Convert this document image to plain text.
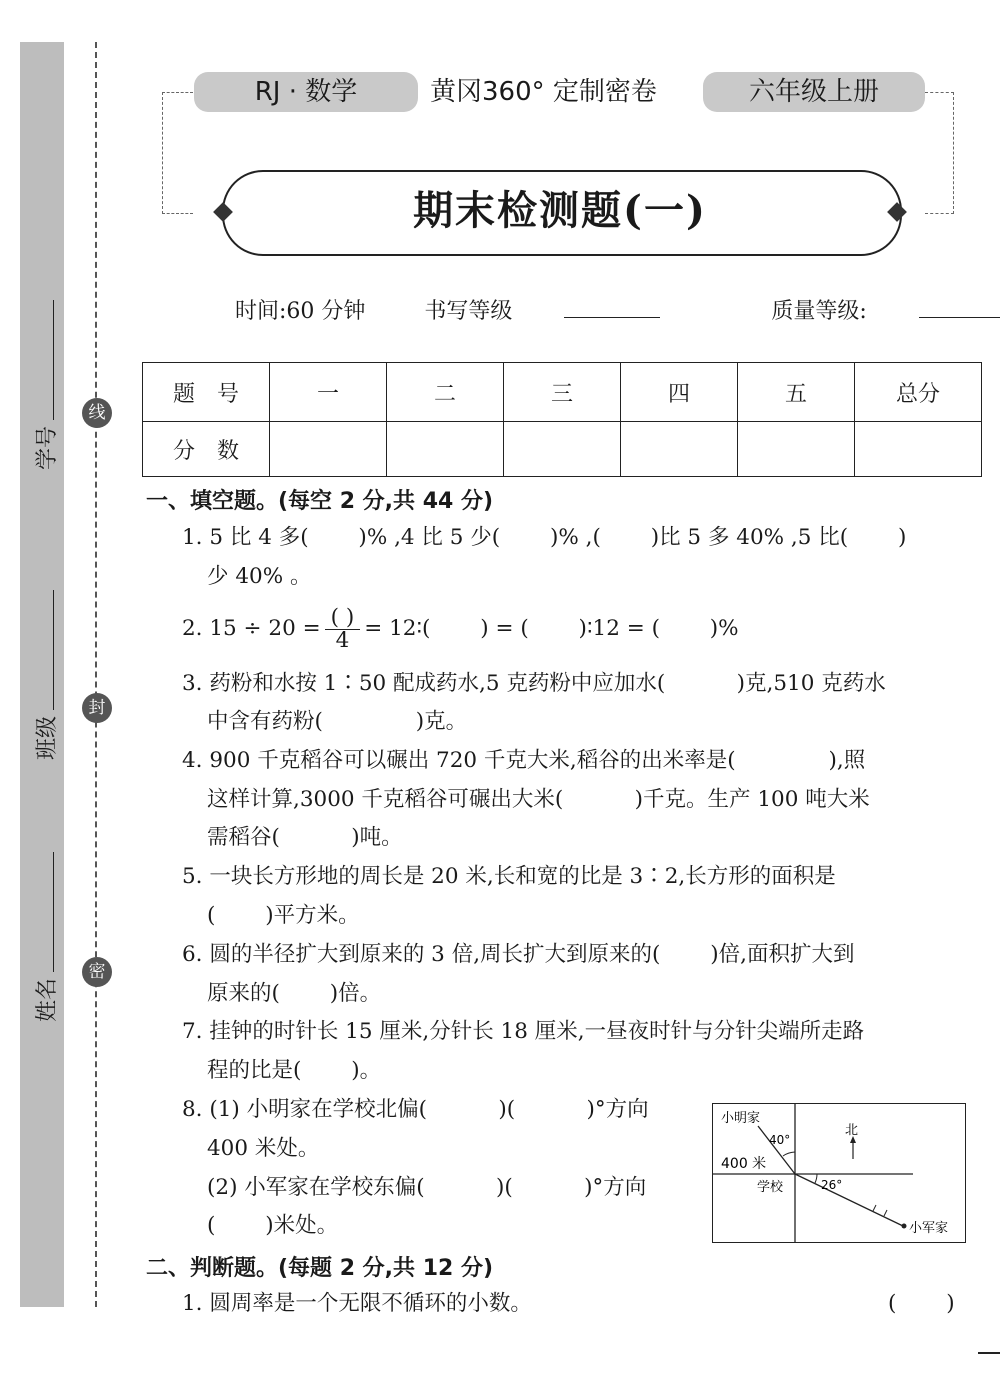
线
封
密
学号
班级
姓名
RJ · 数学	黄冈360° 定制密卷	六年级上册
期末检测题(一)
时间:60 分钟	书写等级	质量等级:
题　号	一	二	三	四	五	总分
分　数						
一、填空题。(每空 2 分,共 44 分)
1. 5 比 4 多(　　 )% ,4 比 5 少(　　 )% ,(　　 )比 5 多 40% ,5 比(　　 )
少 40% 。
2. $15 \div 20 = \frac{( )}{4}$ = 12∶(　　 ) = (　　 )∶12 = (　　 )%
3. 药粉和水按 1∶50 配成药水,5 克药粉中应加水(　　　 )克,510 克药水
中含有药粉(　　　　 )克。
4. 900 千克稻谷可以碾出 720 千克大米,稻谷的出米率是(　　　　 ),照
这样计算,3000 千克稻谷可碾出大米(　　　 )千克。生产 100 吨大米
需稻谷(　　　 )吨。
5. 一块长方形地的周长是 20 米,长和宽的比是 3∶2,长方形的面积是
(　　 )平方米。
6. 圆的半径扩大到原来的 3 倍,周长扩大到原来的(　　 )倍,面积扩大到
原来的(　　 )倍。
7. 挂钟的时针长 15 厘米,分针长 18 厘米,一昼夜时针与分针尖端所走路
程的比是(　　 )。
8. (1) 小明家在学校北偏(　　　 )(　　　 )°方向
400 米处。
(2) 小军家在学校东偏(　　　 )(　　　 )°方向
(　　 )米处。
小明家
40°
北
400 米
学校	26°
小军家
二、判断题。(每题 2 分,共 12 分)
1. 圆周率是一个无限不循环的小数。	(　　 )
